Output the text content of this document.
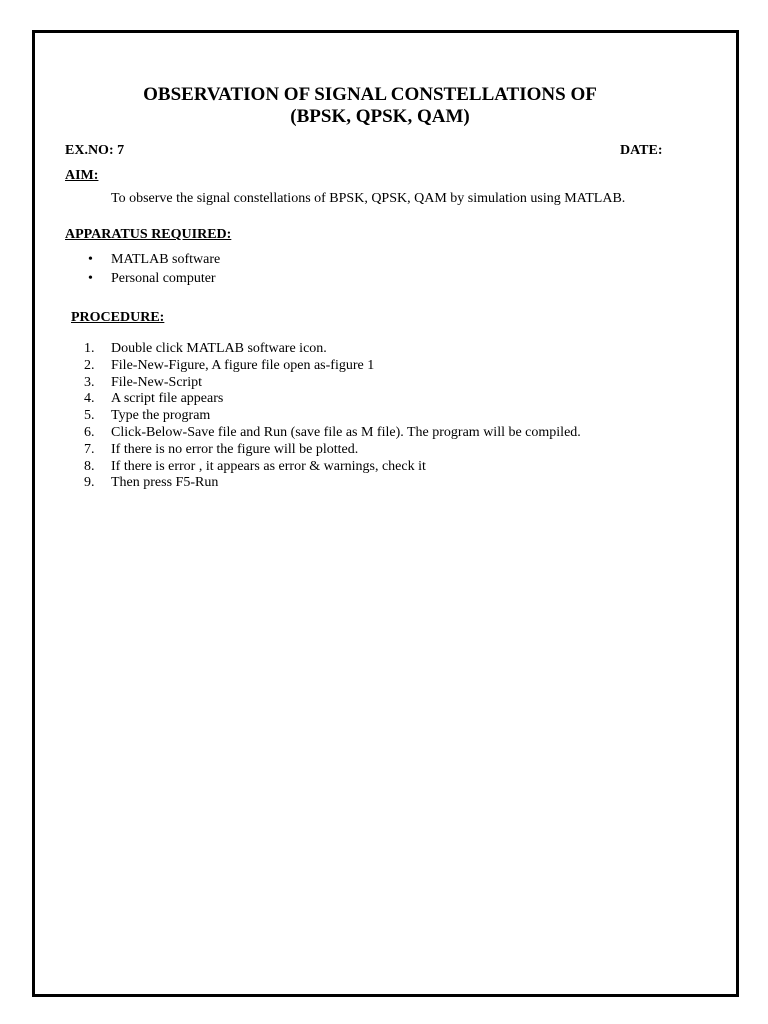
OBSERVATION OF SIGNAL CONSTELLATIONS OF
(BPSK, QPSK, QAM)
EX.NO: 7	DATE:
AIM:
To observe the signal constellations of BPSK, QPSK, QAM by simulation using MATLAB.
APPARATUS REQUIRED:
• MATLAB software
• Personal computer
PROCEDURE:
1. Double click MATLAB software icon.
2. File-New-Figure, A figure file open as-figure 1
3. File-New-Script
4. A script file appears
5. Type the program
6. Click-Below-Save file and Run (save file as M file). The program will be compiled.
7. If there is no error the figure will be plotted.
8. If there is error , it appears as error & warnings, check it
9. Then press F5-Run
